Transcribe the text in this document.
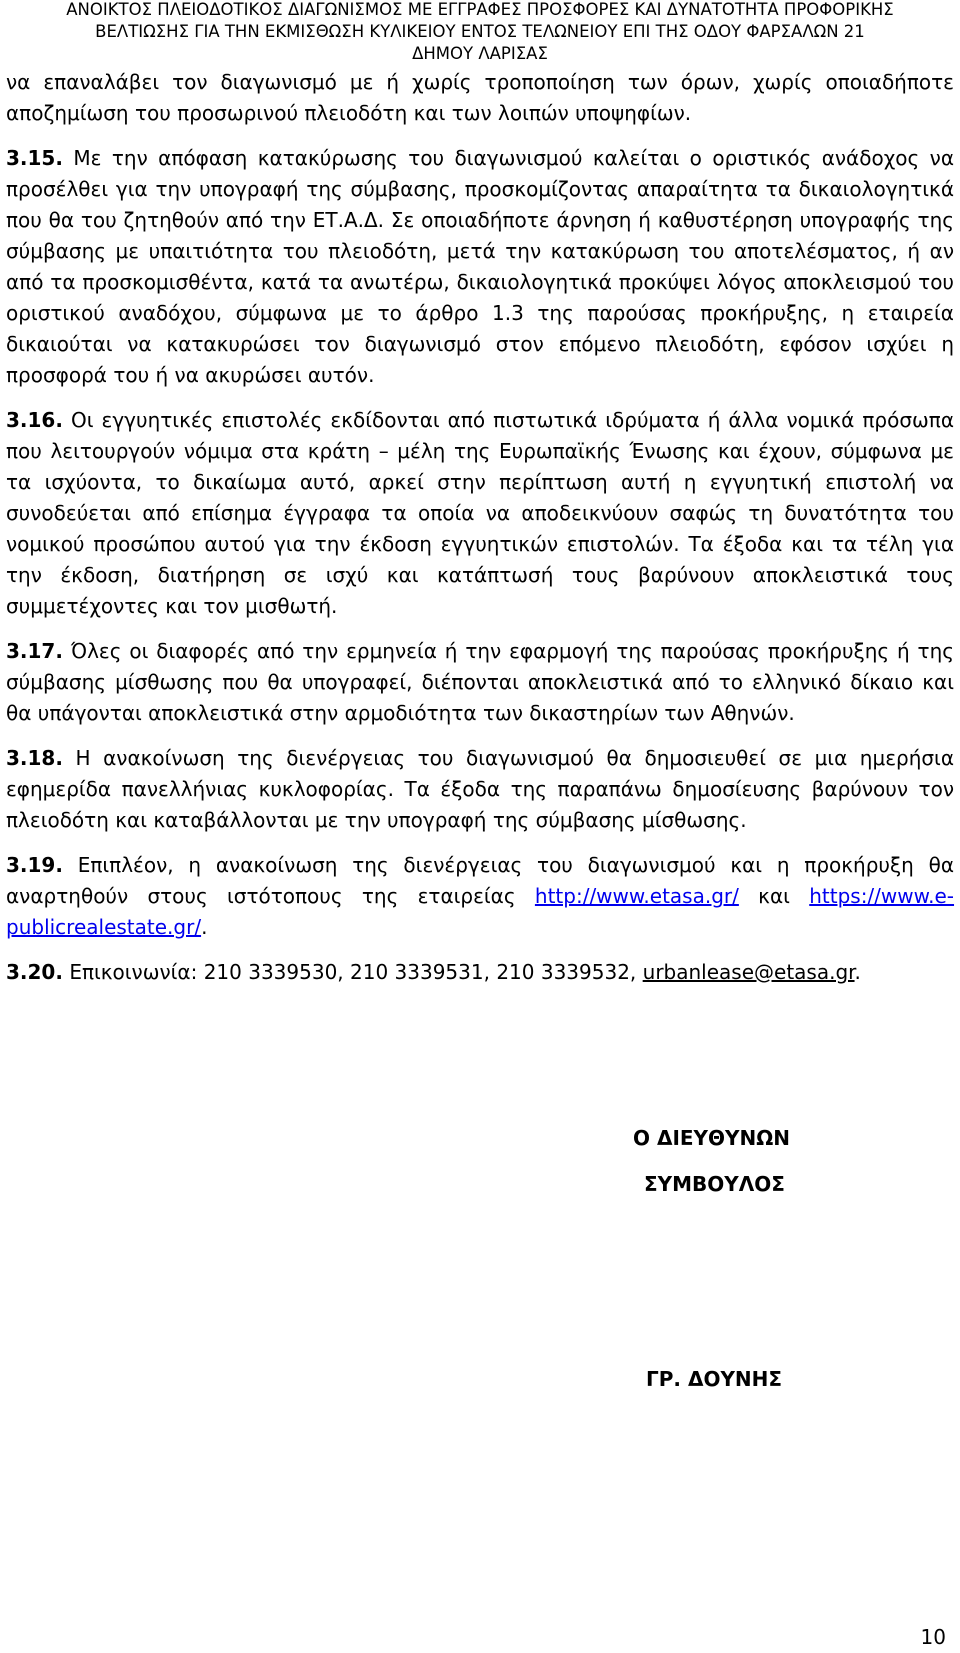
ΑΝΟΙΚΤΟΣ ΠΛΕΙΟΔΟΤΙΚΟΣ ΔΙΑΓΩΝΙΣΜΟΣ ΜΕ ΕΓΓΡΑΦΕΣ ΠΡΟΣΦΟΡΕΣ ΚΑΙ ΔΥΝΑΤΟΤΗΤΑ ΠΡΟΦΟΡΙΚΗΣ
ΒΕΛΤΙΩΣΗΣ ΓΙΑ ΤΗΝ ΕΚΜΙΣΘΩΣΗ ΚΥΛΙΚΕΙΟΥ ΕΝΤΟΣ ΤΕΛΩΝΕΙΟΥ ΕΠΙ ΤΗΣ ΟΔΟΥ ΦΑΡΣΑΛΩΝ 21
ΔΗΜΟΥ ΛΑΡΙΣΑΣ

να επαναλάβει τον διαγωνισμό με ή χωρίς τροποποίηση των όρων, χωρίς οποιαδήποτε αποζημίωση του προσωρινού πλειοδότη και των λοιπών υποψηφίων.

3.15. Με την απόφαση κατακύρωσης του διαγωνισμού καλείται ο οριστικός ανάδοχος να προσέλθει για την υπογραφή της σύμβασης, προσκομίζοντας απαραίτητα τα δικαιολογητικά που θα του ζητηθούν από την ΕΤ.Α.Δ. Σε οποιαδήποτε άρνηση ή καθυστέρηση υπογραφής της σύμβασης με υπαιτιότητα του πλειοδότη, μετά την κατακύρωση του αποτελέσματος, ή αν από τα προσκομισθέντα, κατά τα ανωτέρω, δικαιολογητικά προκύψει λόγος αποκλεισμού του οριστικού αναδόχου, σύμφωνα με το άρθρο 1.3 της παρούσας προκήρυξης, η εταιρεία δικαιούται να κατακυρώσει τον διαγωνισμό στον επόμενο πλειοδότη, εφόσον ισχύει η προσφορά του ή να ακυρώσει αυτόν.

3.16. Οι εγγυητικές επιστολές εκδίδονται από πιστωτικά ιδρύματα ή άλλα νομικά πρόσωπα που λειτουργούν νόμιμα στα κράτη – μέλη της Ευρωπαϊκής Ένωσης και έχουν, σύμφωνα με τα ισχύοντα, το δικαίωμα αυτό, αρκεί στην περίπτωση αυτή η εγγυητική επιστολή να συνοδεύεται από επίσημα έγγραφα τα οποία να αποδεικνύουν σαφώς τη δυνατότητα του νομικού προσώπου αυτού για την έκδοση εγγυητικών επιστολών. Τα έξοδα και τα τέλη για την έκδοση, διατήρηση σε ισχύ και κατάπτωσή τους βαρύνουν αποκλειστικά τους συμμετέχοντες και τον μισθωτή.

3.17. Όλες οι διαφορές από την ερμηνεία ή την εφαρμογή της παρούσας προκήρυξης ή της σύμβασης μίσθωσης που θα υπογραφεί, διέπονται αποκλειστικά από το ελληνικό δίκαιο και θα υπάγονται αποκλειστικά στην αρμοδιότητα των δικαστηρίων των Αθηνών.

3.18. Η ανακοίνωση της διενέργειας του διαγωνισμού θα δημοσιευθεί σε μια ημερήσια εφημερίδα πανελλήνιας κυκλοφορίας. Τα έξοδα της παραπάνω δημοσίευσης βαρύνουν τον πλειοδότη και καταβάλλονται με την υπογραφή της σύμβασης μίσθωσης.

3.19. Επιπλέον, η ανακοίνωση της διενέργειας του διαγωνισμού και η προκήρυξη θα αναρτηθούν στους ιστότοπους της εταιρείας http://www.etasa.gr/ και https://www.e-publicrealestate.gr/.

3.20. Επικοινωνία: 210 3339530, 210 3339531, 210 3339532, urbanlease@etasa.gr.

Ο ΔΙΕΥΘΥΝΩΝ
ΣΥΜΒΟΥΛΟΣ
ΓΡ. ΔΟΥΝΗΣ
10
